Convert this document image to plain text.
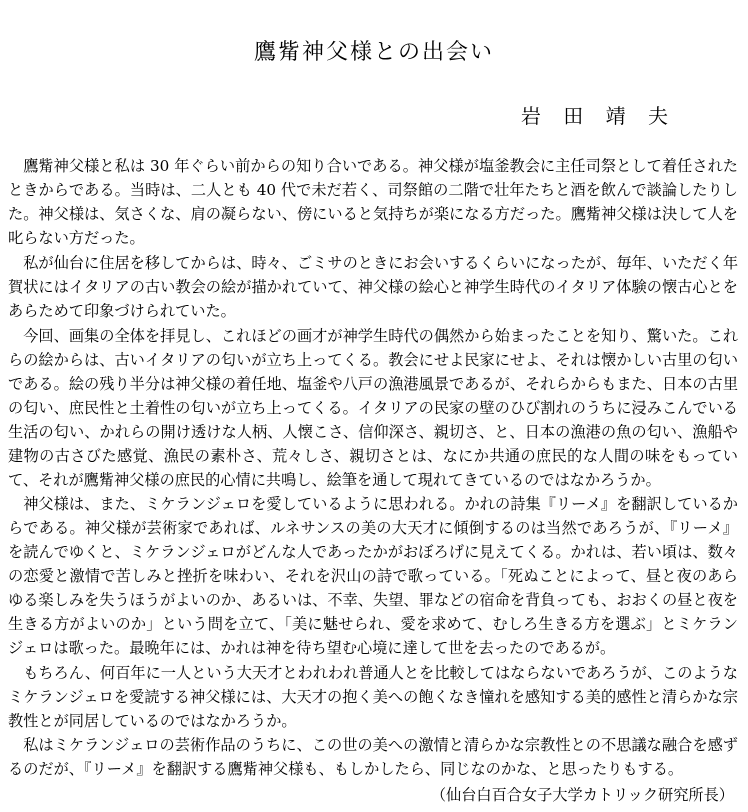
鷹觜神父様との出会い
岩 田 靖 夫

鷹觜神父様と私は 30 年ぐらい前からの知り合いである。神父様が塩釜教会に主任司祭として着任されたときからである。当時は、二人とも 40 代で未だ若く、司祭館の二階で壮年たちと酒を飲んで談論したりした。神父様は、気さくな、肩の凝らない、傍にいると気持ちが楽になる方だった。鷹觜神父様は決して人を叱らない方だった。

私が仙台に住居を移してからは、時々、ごミサのときにお会いするくらいになったが、毎年、いただく年賀状にはイタリアの古い教会の絵が描かれていて、神父様の絵心と神学生時代のイタリア体験の懐古心とをあらためて印象づけられていた。

今回、画集の全体を拝見し、これほどの画才が神学生時代の偶然から始まったことを知り、驚いた。これらの絵からは、古いイタリアの匂いが立ち上ってくる。教会にせよ民家にせよ、それは懐かしい古里の匂いである。絵の残り半分は神父様の着任地、塩釜や八戸の漁港風景であるが、それらからもまた、日本の古里の匂い、庶民性と土着性の匂いが立ち上ってくる。イタリアの民家の壁のひび割れのうちに浸みこんでいる生活の匂い、かれらの開け透けな人柄、人懐こさ、信仰深さ、親切さ、と、日本の漁港の魚の匂い、漁船や建物の古さびた感覚、漁民の素朴さ、荒々しさ、親切さとは、なにか共通の庶民的な人間の味をもっていて、それが鷹觜神父様の庶民的心情に共鳴し、絵筆を通して現れてきているのではなかろうか。

神父様は、また、ミケランジェロを愛しているように思われる。かれの詩集『リーメ』を翻訳しているからである。神父様が芸術家であれば、ルネサンスの美の大天才に傾倒するのは当然であろうが、『リーメ』を読んでゆくと、ミケランジェロがどんな人であったかがおぼろげに見えてくる。かれは、若い頃は、数々の恋愛と激情で苦しみと挫折を味わい、それを沢山の詩で歌っている。「死ぬことによって、昼と夜のあらゆる楽しみを失うほうがよいのか、あるいは、不幸、失望、罪などの宿命を背負っても、おおくの昼と夜を生きる方がよいのか」という問を立て、「美に魅せられ、愛を求めて、むしろ生きる方を選ぶ」とミケランジェロは歌った。最晩年には、かれは神を待ち望む心境に達して世を去ったのであるが。

もちろん、何百年に一人という大天才とわれわれ普通人とを比較してはならないであろうが、このようなミケランジェロを愛読する神父様には、大天才の抱く美への飽くなき憧れを感知する美的感性と清らかな宗教性とが同居しているのではなかろうか。

私はミケランジェロの芸術作品のうちに、この世の美への激情と清らかな宗教性との不思議な融合を感ずるのだが、『リーメ』を翻訳する鷹觜神父様も、もしかしたら、同じなのかな、と思ったりもする。

（仙台白百合女子大学カトリック研究所長）
